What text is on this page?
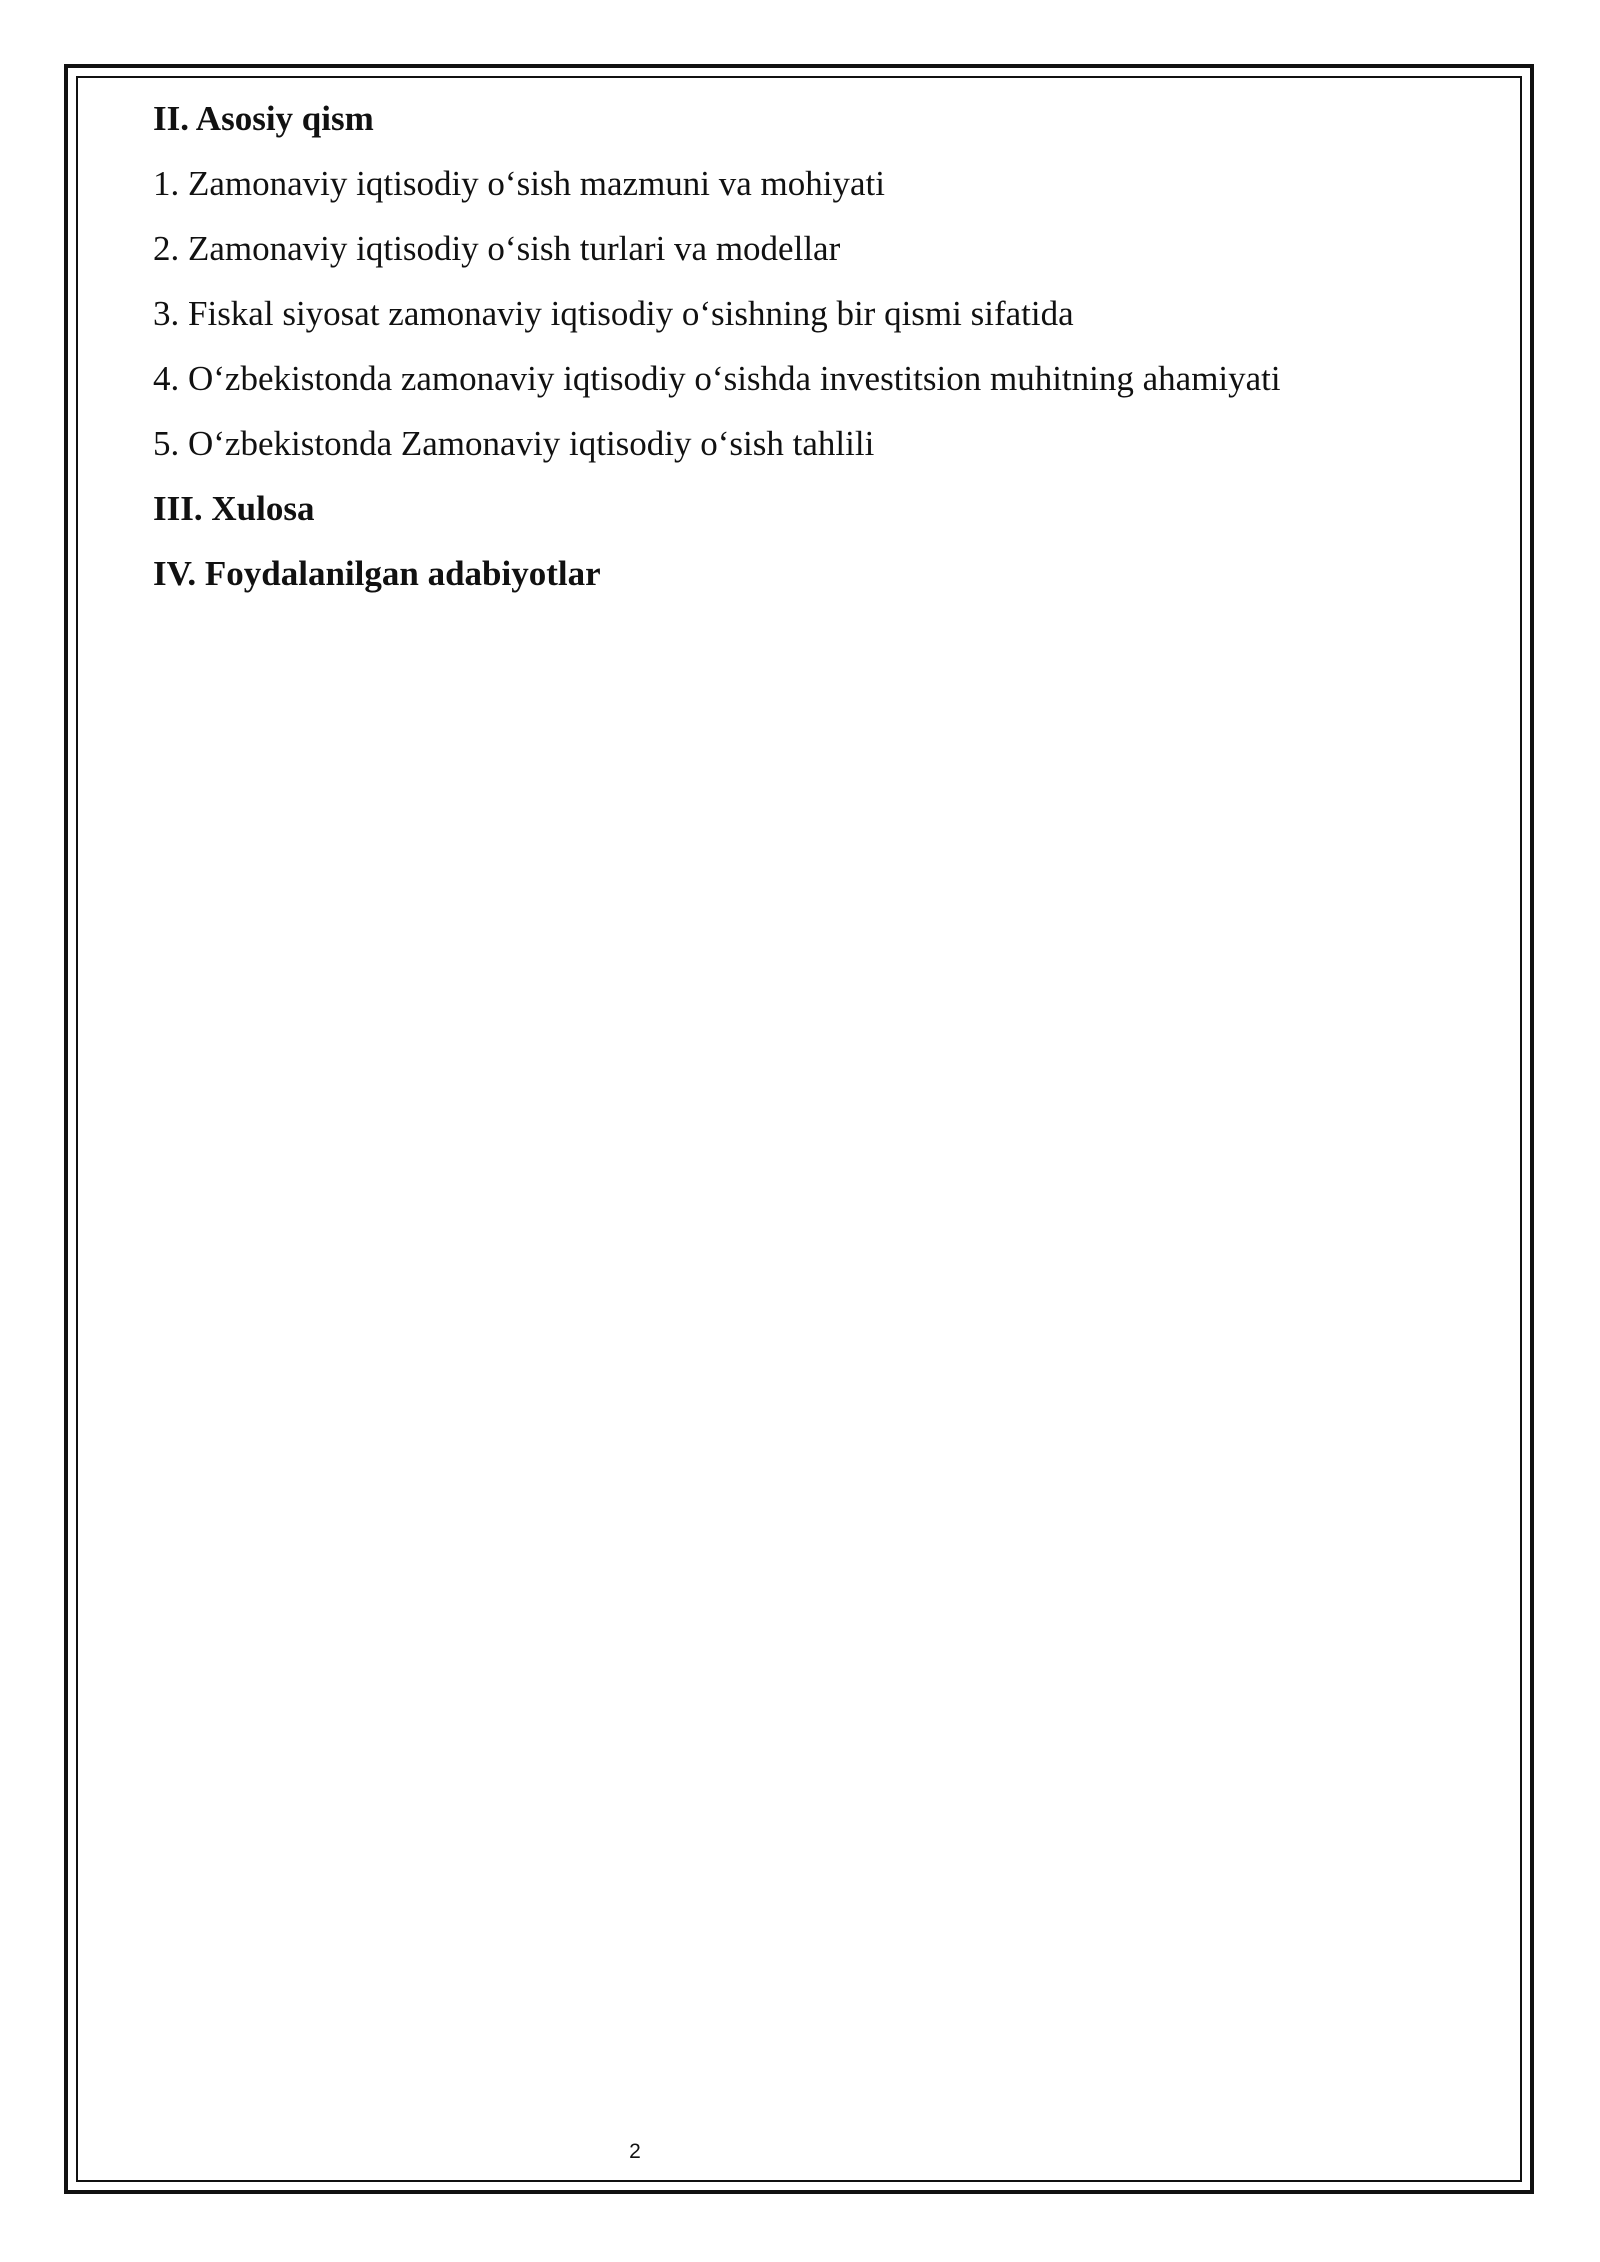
II. Asosiy qism
1. Zamonaviy iqtisodiy o‘sish mazmuni va mohiyati
2. Zamonaviy iqtisodiy o‘sish turlari va modellar
3. Fiskal siyosat zamonaviy iqtisodiy o‘sishning bir qismi sifatida
4. O‘zbekistonda zamonaviy iqtisodiy o‘sishda investitsion muhitning ahamiyati
5. O‘zbekistonda Zamonaviy iqtisodiy o‘sish tahlili
III. Xulosa
IV. Foydalanilgan adabiyotlar
2
